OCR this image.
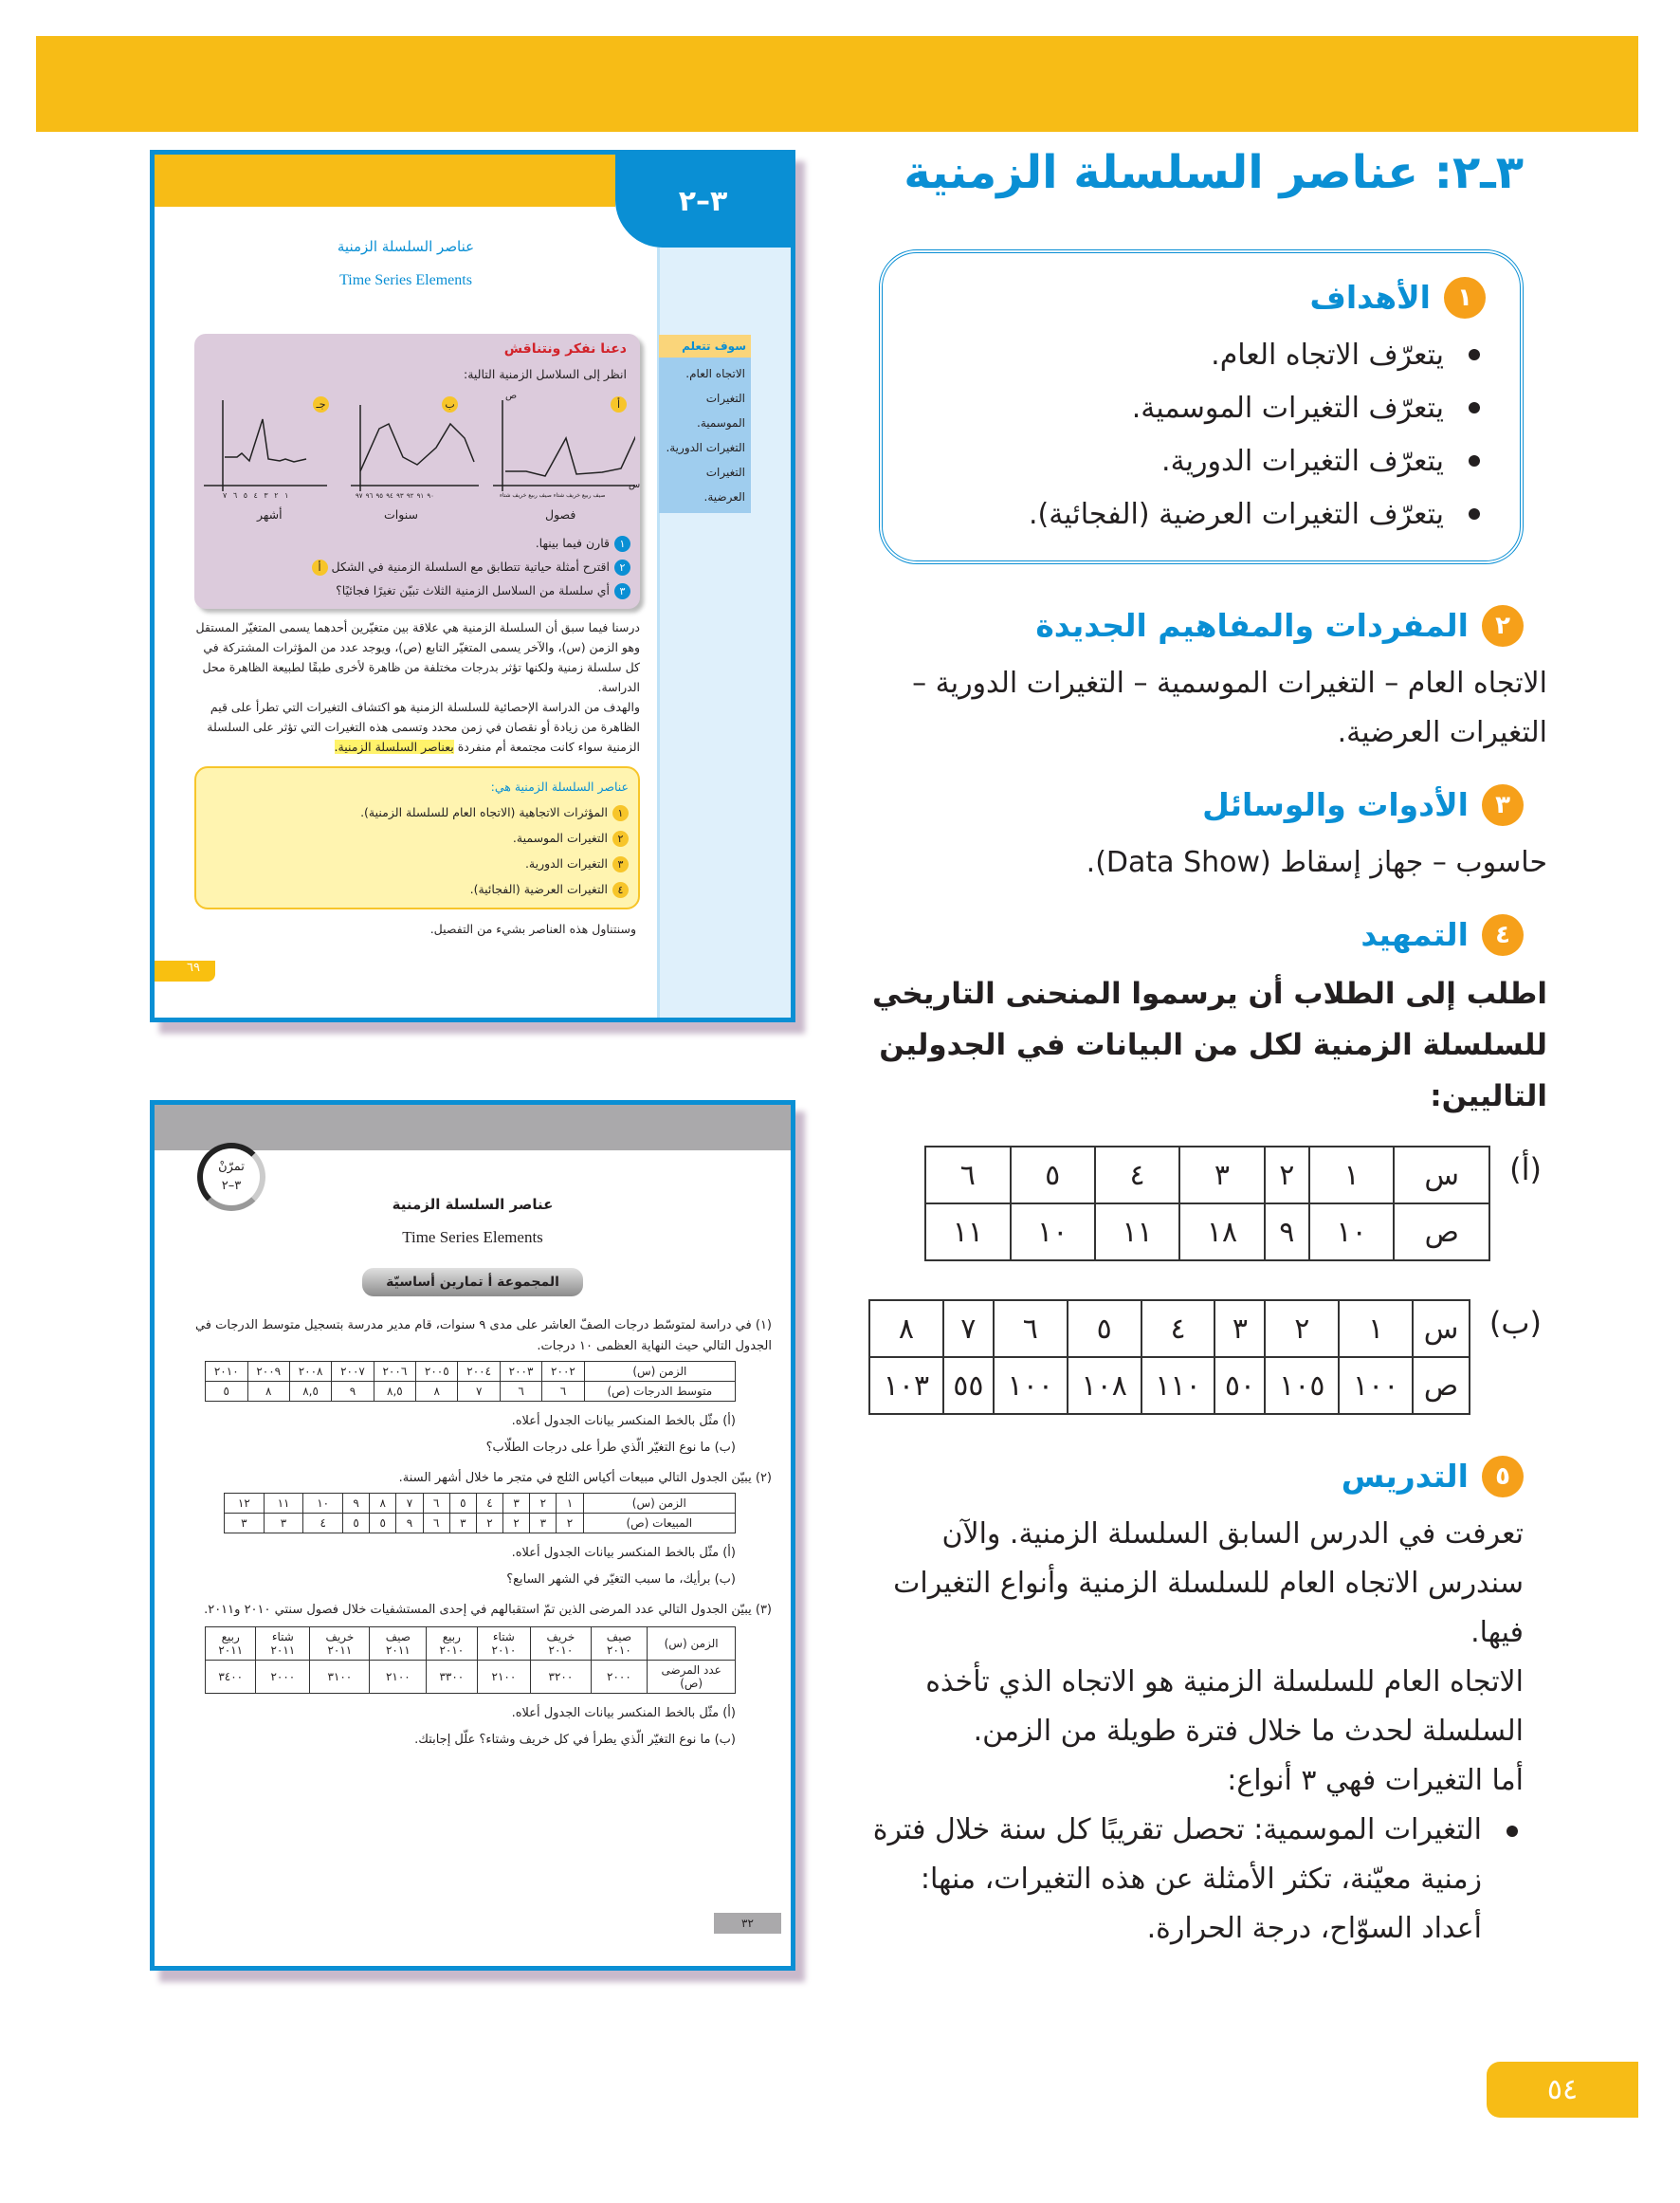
٣ـ٢: عناصر السلسلة الزمنية
١
الأهداف
يتعرّف الاتجاه العام.
يتعرّف التغيرات الموسمية.
يتعرّف التغيرات الدورية.
يتعرّف التغيرات العرضية (الفجائية).
٢
المفردات والمفاهيم الجديدة

الاتجاه العام – التغيرات الموسمية – التغيرات الدورية – التغيرات العرضية.

٣
الأدوات والوسائل

حاسوب – جهاز إسقاط (Data Show).

٤
التمهيد

اطلب إلى الطلاب أن يرسموا المنحنى التاريخي للسلسلة الزمنية لكل من البيانات في الجدولين التاليين:

(أ)
س	١	٢	٣	٤	٥	٦
ص	١٠	٩	١٨	١١	١٠	١١
(ب)
س	١	٢	٣	٤	٥	٦	٧	٨
ص	١٠٠	١٠٥	٥٠	١١٠	١٠٨	١٠٠	٥٥	١٠٣
٥
التدريس

تعرفت في الدرس السابق السلسلة الزمنية. والآن سندرس الاتجاه العام للسلسلة الزمنية وأنواع التغيرات فيها.

الاتجاه العام للسلسلة الزمنية هو الاتجاه الذي تأخذه السلسلة لحدث ما خلال فترة طويلة من الزمن.

أما التغيرات فهي ٣ أنواع:

التغيرات الموسمية: تحصل تقريبًا كل سنة خلال فترة زمنية معيّنة، تكثر الأمثلة عن هذه التغيرات، منها: أعداد السوّاح، درجة الحرارة.
٥٤
٣–٢
عناصر السلسلة الزمنية
Time Series Elements
سوف تتعلم
الاتجاه العام.
التغيرات الموسمية.
التغيرات الدورية.
التغيرات العرضية.
دعنا نفكر ونتناقش
انظر إلى السلاسل الزمنية التالية:
أ
ب
جـ
ص
س
صيف ربيع خريف شتاء صيف ربيع خريف شتاء
٩٠ ٩١ ٩٢ ٩٣ ٩٤ ٩٥ ٩٦ ٩٧
١ ٢ ٣ ٤ ٥ ٦ ٧
فصول
سنوات
أشهر
١قارن فيما بينها.
٢اقترح أمثلة حياتية تتطابق مع السلسلة الزمنية في الشكل أ
٣أي سلسلة من السلاسل الزمنية الثلاث تبيّن تغيرًا فجائيًا؟

درسنا فيما سبق أن السلسلة الزمنية هي علاقة بين متغيّرين أحدهما يسمى المتغيّر المستقل وهو الزمن (س)، والآخر يسمى المتغيّر التابع (ص)، ويوجد عدد من المؤثرات المشتركة في كل سلسلة زمنية ولكنها تؤثر بدرجات مختلفة من ظاهرة لأخرى طبقًا لطبيعة الظاهرة محل الدراسة.

والهدف من الدراسة الإحصائية للسلسلة الزمنية هو اكتشاف التغيرات التي تطرأ على قيم الظاهرة من زيادة أو نقصان في زمن محدد وتسمى هذه التغيرات التي تؤثر على السلسلة الزمنية سواء كانت مجتمعة أم منفردة بعناصر السلسلة الزمنية.

عناصر السلسلة الزمنية هي:
١المؤثرات الاتجاهية (الاتجاه العام للسلسلة الزمنية).
٢التغيرات الموسمية.
٣التغيرات الدورية.
٤التغيرات العرضية (الفجائية).
وسنتناول هذه العناصر بشيء من التفصيل.
٦٩
تمرّنْ
٣–٢
عناصر السلسلة الزمنية
Time Series Elements
المجموعة أ تمارين أساسيّة

(١) في دراسة لمتوسّط درجات الصفّ العاشر على مدى ٩ سنوات، قام مدير مدرسة بتسجيل متوسط الدرجات في الجدول التالي حيث النهاية العظمى ١٠ درجات.

الزمن (س)	٢٠٠٢	٢٠٠٣	٢٠٠٤	٢٠٠٥	٢٠٠٦	٢٠٠٧	٢٠٠٨	٢٠٠٩	٢٠١٠
متوسط الدرجات (ص)	٦	٦	٧	٨	٨,٥	٩	٨,٥	٨	٥

(أ) مثّل بالخط المنكسر بيانات الجدول أعلاه.

(ب) ما نوع التغيّر الّذي طرأ على درجات الطلّاب؟

(٢) يبيّن الجدول التالي مبيعات أكياس الثلج في متجر ما خلال أشهر السنة.

الزمن (س)	١	٢	٣	٤	٥	٦	٧	٨	٩	١٠	١١	١٢
المبيعات (ص)	٢	٣	٢	٢	٣	٦	٩	٥	٥	٤	٣	٣

(أ) مثّل بالخط المنكسر بيانات الجدول أعلاه.

(ب) برأيك، ما سبب التغيّر في الشهر السابع؟

(٣) يبيّن الجدول التالي عدد المرضى الذين تمّ استقبالهم في إحدى المستشفيات خلال فصول سنتي ٢٠١٠ و٢٠١١.

الزمن (س)	صيف ٢٠١٠	خريف ٢٠١٠	شتاء ٢٠١٠	ربيع ٢٠١٠	صيف ٢٠١١	خريف ٢٠١١	شتاء ٢٠١١	ربيع ٢٠١١
عدد المرضى (ص)	٢٠٠٠	٣٢٠٠	٢١٠٠	٣٣٠٠	٢١٠٠	٣١٠٠	٢٠٠٠	٣٤٠٠

(أ) مثّل بالخط المنكسر بيانات الجدول أعلاه.

(ب) ما نوع التغيّر الّذي يطرأ في كل خريف وشتاء؟ علّل إجابتك.

٣٢
